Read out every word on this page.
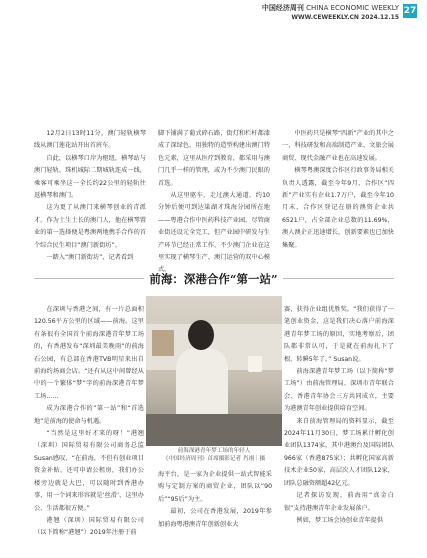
中国经济周刊 CHINA ECONOMIC WEEKLY
WWW.CEWEEKLY.CN 2024.12.15
27

12月2日13时11分，澳门轻轨横琴线从澳门莲花站开出首班车。

自此，以横琴口岸为枢纽，横琴站与澳门轻轨、珠机城际二期城轨连成一线，乘客可乘坐这一全长约22公里的轻轨往返横琴和澳门。

这为更了从澳门来横琴创业的青派才。作为土生土长的澳门人，他在横琴置业的第一选择便是粤澳两地携手合作的首个综合民生项目“澳门新街坊”。

一踏入“澳门新街坊”，记者看到

脚下铺满了葡式碎石路，街灯和栏杆都漆成了深绿色，用独特的造型构建出澳门特色元素，这里从医疗到教育，都采用与澳门几乎一样的管理，或为不少澳门民眼的首选。

从这里驱车，走过澳大通道，约10分钟后便可到达巢湖才珠海分园所在地——粤港合作中医药科技产业园。尽管商业街还设元全完工，但产业园中研发与生产环节已经正常工作，不少澳门企业在这里实现了横琴生产、澳门运营的双中心模式。

中医药只是横琴“四新”产业的其中之一，科技研发和高端制造产业、文旅会展商贸、现代金融产业也在高速发展。

横琴粤澳深度合作区行政事务局相关负责人透露，截至今年9月，合作区“四新”产业实有企业1.7万户，截至今年10月末，合作区登记在册的澳资企业共6521户，占全部企业总数的11.69%，澳人澳企正迅速增长，创新要素也已加快集聚。

前海：深港合作“第一站”

在深圳与香港之间，有一片总面积120.56平方公里的区域——前海。这里有条很有全国首个前海深港青年梦工场的，有香港发布“深圳最美晚雨”的前海石公园，有总部在香港TVB明星来出自前海约场商会店。“还有从这中间曾经从中的一个繁体“梦”字的前海深港青年梦工场……

成为深港合作的“第一站”和“首选地”是前海的使命与机遇。

“当然是这里好才来的呀！”港翘（深圳）国际贸易有限公司商务总监Susan感叹，“在前海，不但有创业项目资金补贴，还可申请公租房，我们办公楼旁边就是大巴，可以随时到香港办事，用一个词来形容就是‘丝滑’，这里办公、生活都很方便。”

港翘（深圳）国际贸易有限公司（以下简称“港翘”）2019年注册于前

前海深港青年梦工场的年轻人
《中国经济周刊》首席摄影记者 肖翊｜摄

海平台，是一家为企业提供一站式智能采购与定制方案的商贸企业，团队以“90后”“95后”为主。

最初，公司在香港发展，2019年参加前海粤港澳青年创新创业大

赛，获得企业组优胜奖。“我们获得了一笔创业资金，这是我们决心落户前海深港青年梦工场的原因，实地考察后，团队都非常认可，于是就在前海扎下了根，转瞬5年了。” Susan说。

前海深港青年梦工场（以下简称“梦工场”）由前海管理局、深圳市青年联合会、香港青年协会三方共同成立，主要为港澳青年创业提供培育空间。

来自前海管理局的资料显示，截至2024年11月30日，梦工场累计孵化创业团队1374家，其中港澳台及国际团队966家（香港875家）；共孵化国家高新技术企业50家，高层次人才团队12家，团队总融资额超42亿元。

记者探访发现，前海用“真金白银”支持港澳青年企业发展落户。

例如，梦工场会协创业青年提供
